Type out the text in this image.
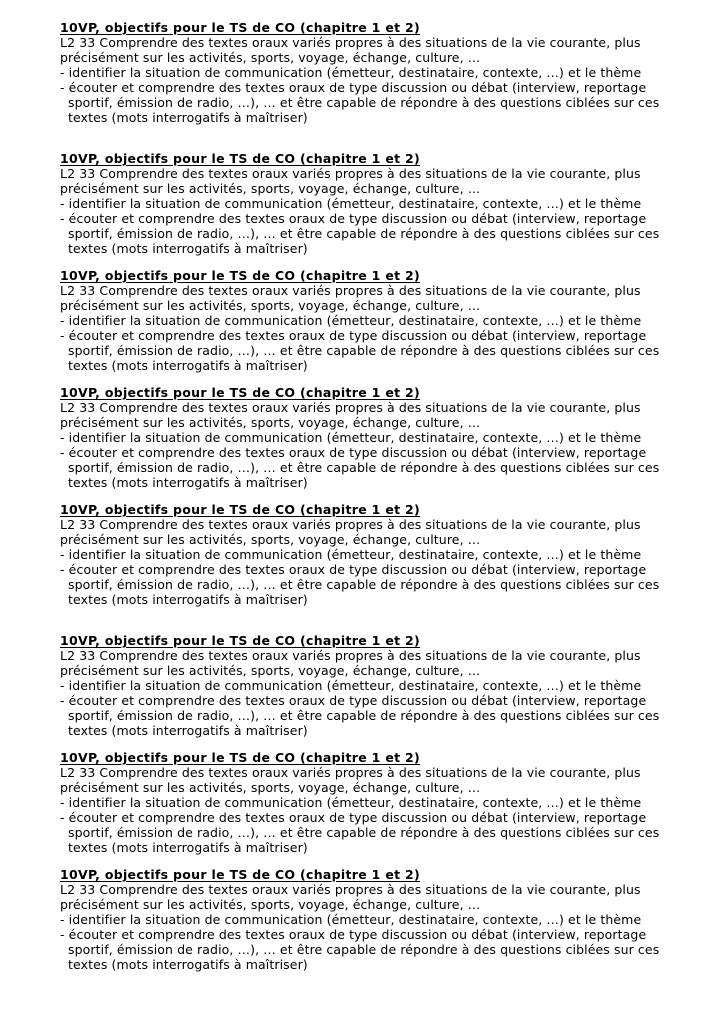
10VP, objectifs pour le TS de CO (chapitre 1 et 2)
L2 33 Comprendre des textes oraux variés propres à des situations de la vie courante, plus
précisément sur les activités, sports, voyage, échange, culture, …
- identifier la situation de communication (émetteur, destinataire, contexte, …) et le thème
- écouter et comprendre des textes oraux de type discussion ou débat (interview, reportage
sportif, émission de radio, …), … et être capable de répondre à des questions ciblées sur ces
textes (mots interrogatifs à maîtriser)
10VP, objectifs pour le TS de CO (chapitre 1 et 2)
L2 33 Comprendre des textes oraux variés propres à des situations de la vie courante, plus
précisément sur les activités, sports, voyage, échange, culture, …
- identifier la situation de communication (émetteur, destinataire, contexte, …) et le thème
- écouter et comprendre des textes oraux de type discussion ou débat (interview, reportage
sportif, émission de radio, …), … et être capable de répondre à des questions ciblées sur ces
textes (mots interrogatifs à maîtriser)
10VP, objectifs pour le TS de CO (chapitre 1 et 2)
L2 33 Comprendre des textes oraux variés propres à des situations de la vie courante, plus
précisément sur les activités, sports, voyage, échange, culture, …
- identifier la situation de communication (émetteur, destinataire, contexte, …) et le thème
- écouter et comprendre des textes oraux de type discussion ou débat (interview, reportage
sportif, émission de radio, …), … et être capable de répondre à des questions ciblées sur ces
textes (mots interrogatifs à maîtriser)
10VP, objectifs pour le TS de CO (chapitre 1 et 2)
L2 33 Comprendre des textes oraux variés propres à des situations de la vie courante, plus
précisément sur les activités, sports, voyage, échange, culture, …
- identifier la situation de communication (émetteur, destinataire, contexte, …) et le thème
- écouter et comprendre des textes oraux de type discussion ou débat (interview, reportage
sportif, émission de radio, …), … et être capable de répondre à des questions ciblées sur ces
textes (mots interrogatifs à maîtriser)
10VP, objectifs pour le TS de CO (chapitre 1 et 2)
L2 33 Comprendre des textes oraux variés propres à des situations de la vie courante, plus
précisément sur les activités, sports, voyage, échange, culture, …
- identifier la situation de communication (émetteur, destinataire, contexte, …) et le thème
- écouter et comprendre des textes oraux de type discussion ou débat (interview, reportage
sportif, émission de radio, …), … et être capable de répondre à des questions ciblées sur ces
textes (mots interrogatifs à maîtriser)
10VP, objectifs pour le TS de CO (chapitre 1 et 2)
L2 33 Comprendre des textes oraux variés propres à des situations de la vie courante, plus
précisément sur les activités, sports, voyage, échange, culture, …
- identifier la situation de communication (émetteur, destinataire, contexte, …) et le thème
- écouter et comprendre des textes oraux de type discussion ou débat (interview, reportage
sportif, émission de radio, …), … et être capable de répondre à des questions ciblées sur ces
textes (mots interrogatifs à maîtriser)
10VP, objectifs pour le TS de CO (chapitre 1 et 2)
L2 33 Comprendre des textes oraux variés propres à des situations de la vie courante, plus
précisément sur les activités, sports, voyage, échange, culture, …
- identifier la situation de communication (émetteur, destinataire, contexte, …) et le thème
- écouter et comprendre des textes oraux de type discussion ou débat (interview, reportage
sportif, émission de radio, …), … et être capable de répondre à des questions ciblées sur ces
textes (mots interrogatifs à maîtriser)
10VP, objectifs pour le TS de CO (chapitre 1 et 2)
L2 33 Comprendre des textes oraux variés propres à des situations de la vie courante, plus
précisément sur les activités, sports, voyage, échange, culture, …
- identifier la situation de communication (émetteur, destinataire, contexte, …) et le thème
- écouter et comprendre des textes oraux de type discussion ou débat (interview, reportage
sportif, émission de radio, …), … et être capable de répondre à des questions ciblées sur ces
textes (mots interrogatifs à maîtriser)
